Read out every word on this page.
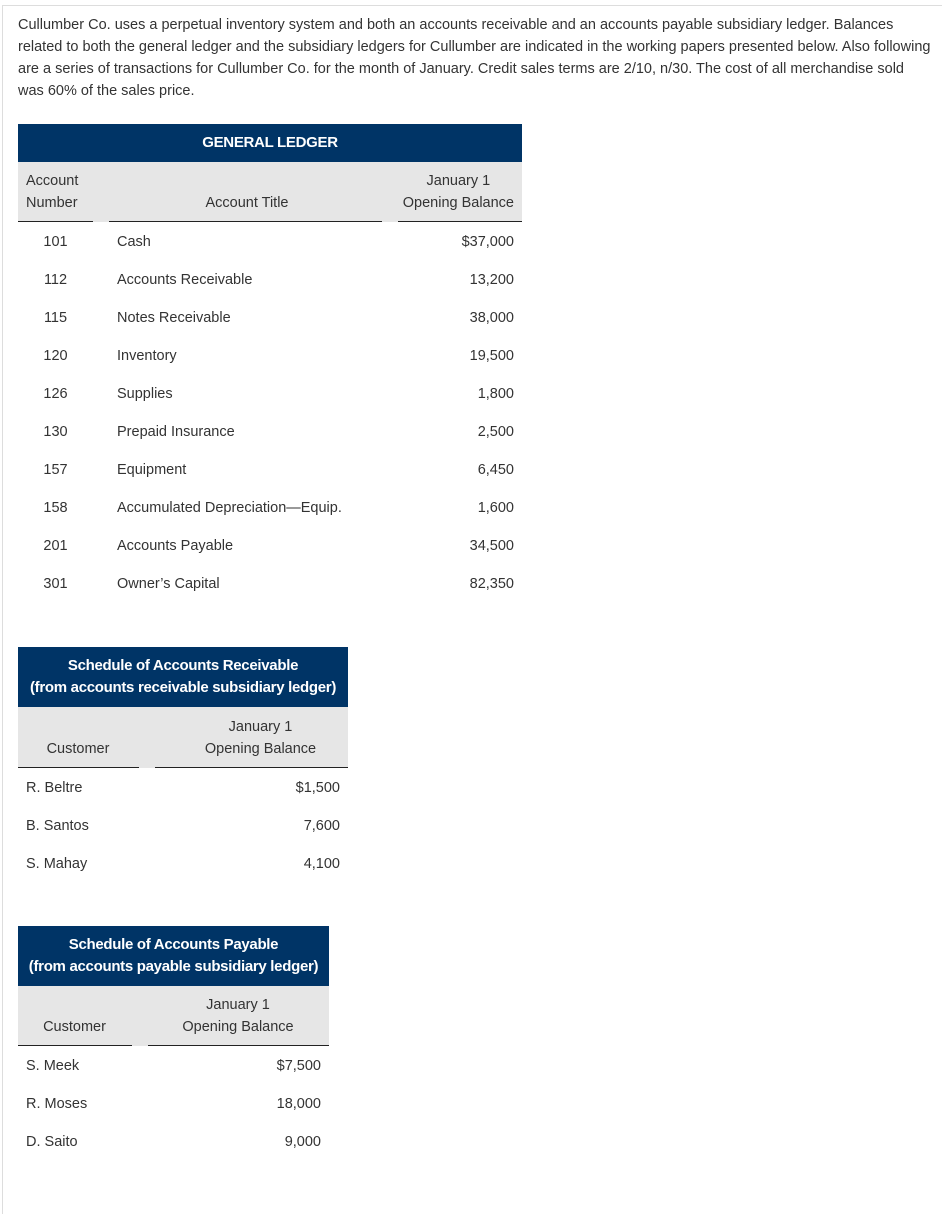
Cullumber Co. uses a perpetual inventory system and both an accounts receivable and an accounts payable subsidiary ledger. Balances related to both the general ledger and the subsidiary ledgers for Cullumber are indicated in the working papers presented below. Also following are a series of transactions for Cullumber Co. for the month of January. Credit sales terms are 2/10, n/30. The cost of all merchandise sold was 60% of the sales price.
GENERAL LEDGER
Account
Number	Account Title
January 1
Opening Balance
101	Cash	$37,000
112	Accounts Receivable	13,200
115	Notes Receivable	38,000
120	Inventory	19,500
126	Supplies	1,800
130	Prepaid Insurance	2,500
157	Equipment	6,450
158	Accumulated Depreciation—Equip.	1,600
201	Accounts Payable	34,500
301	Owner’s Capital	82,350
Schedule of Accounts Receivable
(from accounts receivable subsidiary ledger)
Customer
January 1
Opening Balance
R. Beltre	$1,500
B. Santos	7,600
S. Mahay	4,100
Schedule of Accounts Payable
(from accounts payable subsidiary ledger)
Customer
January 1
Opening Balance
S. Meek	$7,500
R. Moses	18,000
D. Saito	9,000
